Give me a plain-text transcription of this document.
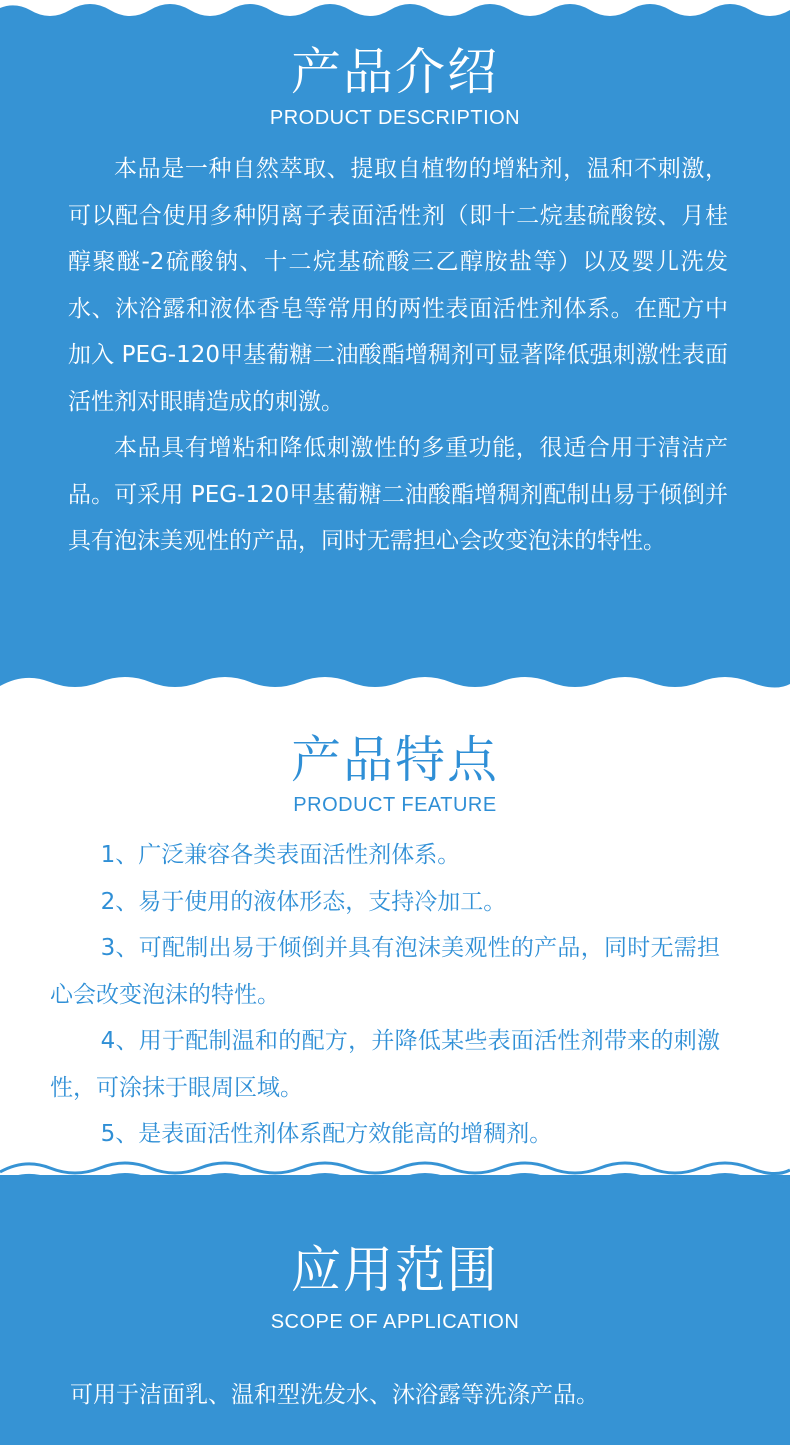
产品介绍
PRODUCT DESCRIPTION

本品是一种自然萃取、提取自植物的增粘剂，温和不刺激，可以配合使用多种阴离子表面活性剂（即十二烷基硫酸铵、月桂醇聚醚-2硫酸钠、十二烷基硫酸三乙醇胺盐等）以及婴儿洗发水、沐浴露和液体香皂等常用的两性表面活性剂体系。在配方中加入 PEG-120甲基葡糖二油酸酯增稠剂可显著降低强刺激性表面活性剂对眼睛造成的刺激。

本品具有增粘和降低刺激性的多重功能，很适合用于清洁产品。可采用 PEG-120甲基葡糖二油酸酯增稠剂配制出易于倾倒并具有泡沫美观性的产品，同时无需担心会改变泡沫的特性。

产品特点
PRODUCT FEATURE

1、广泛兼容各类表面活性剂体系。

2、易于使用的液体形态，支持冷加工。

3、可配制出易于倾倒并具有泡沫美观性的产品，同时无需担心会改变泡沫的特性。

4、用于配制温和的配方，并降低某些表面活性剂带来的刺激性，可涂抹于眼周区域。

5、是表面活性剂体系配方效能高的增稠剂。

应用范围
SCOPE OF APPLICATION

可用于洁面乳、温和型洗发水、沐浴露等洗涤产品。
